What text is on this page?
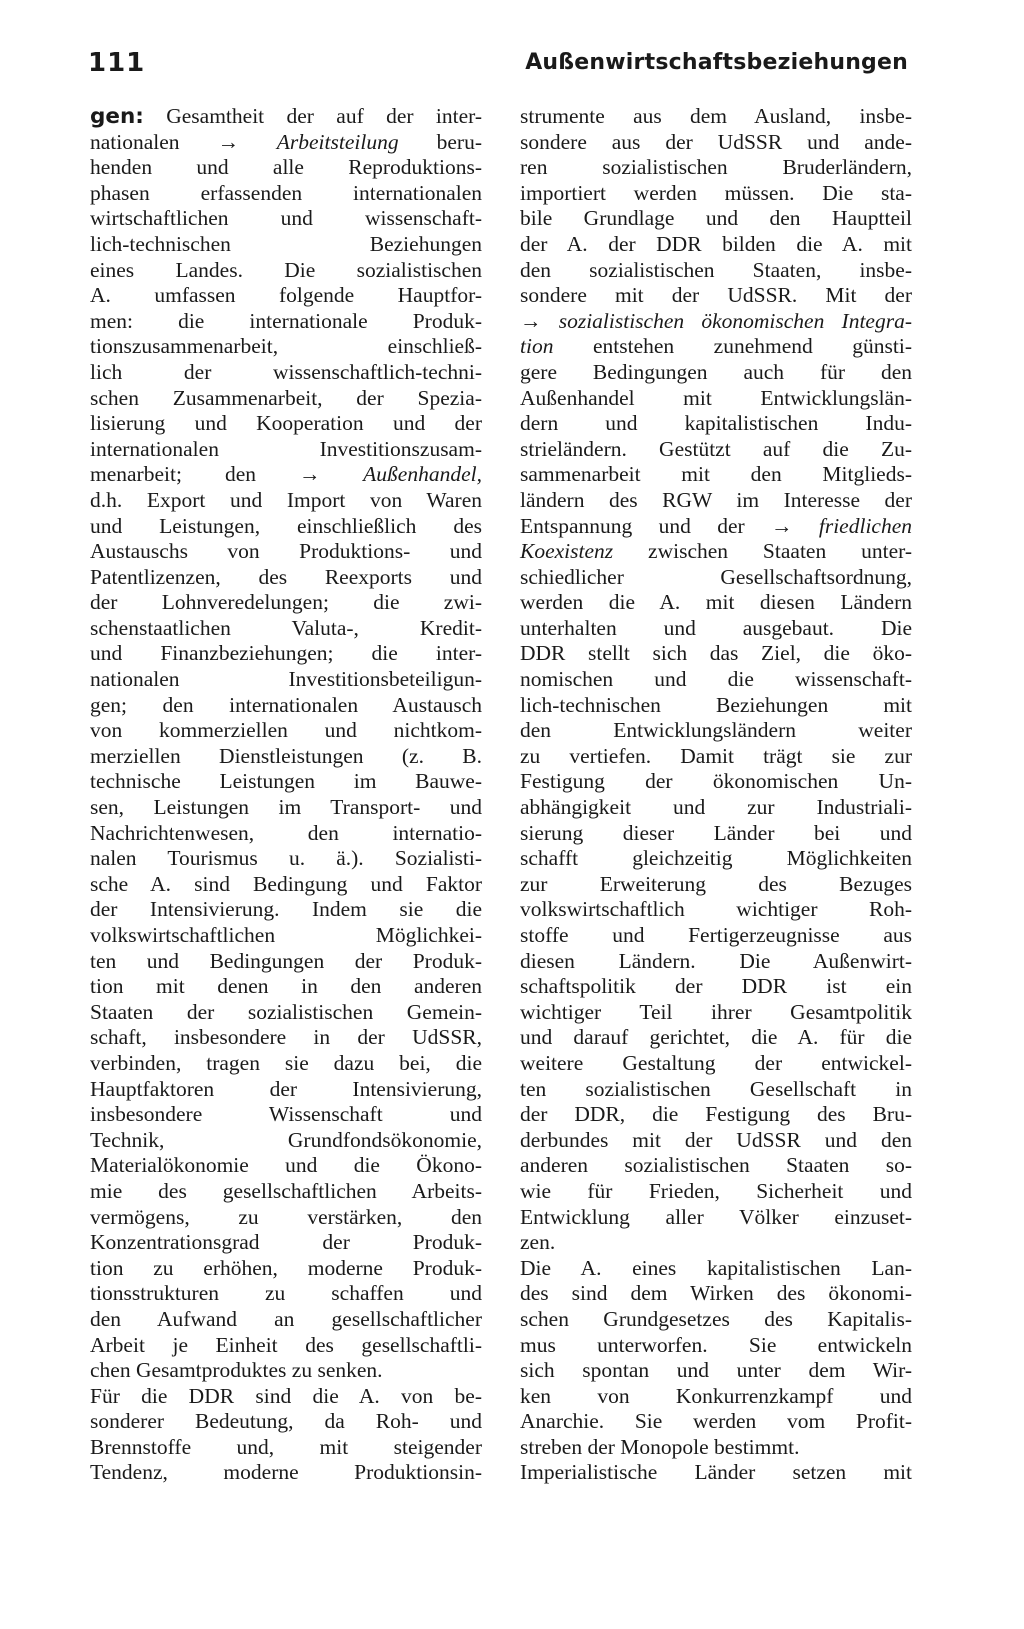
111	Außenwirtschaftsbeziehungen
gen: Gesamtheit der auf der inter-
nationalen → Arbeitsteilung beru-
henden und alle Reproduktions-
phasen erfassenden internationalen
wirtschaftlichen und wissenschaft-
lich-technischen Beziehungen
eines Landes. Die sozialistischen
A. umfassen folgende Hauptfor-
men: die internationale Produk-
tionszusammenarbeit, einschließ-
lich der wissenschaftlich-techni-
schen Zusammenarbeit, der Spezia-
lisierung und Kooperation und der
internationalen Investitionszusam-
menarbeit; den → Außenhandel,
d.h. Export und Import von Waren
und Leistungen, einschließlich des
Austauschs von Produktions- und
Patentlizenzen, des Reexports und
der Lohnveredelungen; die zwi-
schenstaatlichen Valuta-, Kredit-
und Finanzbeziehungen; die inter-
nationalen Investitionsbeteiligun-
gen; den internationalen Austausch
von kommerziellen und nichtkom-
merziellen Dienstleistungen (z. B.
technische Leistungen im Bauwe-
sen, Leistungen im Transport- und
Nachrichtenwesen, den internatio-
nalen Tourismus u. ä.). Sozialisti-
sche A. sind Bedingung und Faktor
der Intensivierung. Indem sie die
volkswirtschaftlichen Möglichkei-
ten und Bedingungen der Produk-
tion mit denen in den anderen
Staaten der sozialistischen Gemein-
schaft, insbesondere in der UdSSR,
verbinden, tragen sie dazu bei, die
Hauptfaktoren der Intensivierung,
insbesondere Wissenschaft und
Technik, Grundfondsökonomie,
Materialökonomie und die Ökono-
mie des gesellschaftlichen Arbeits-
vermögens, zu verstärken, den
Konzentrationsgrad der Produk-
tion zu erhöhen, moderne Produk-
tionsstrukturen zu schaffen und
den Aufwand an gesellschaftlicher
Arbeit je Einheit des gesellschaftli-
chen Gesamtproduktes zu senken.
Für die DDR sind die A. von be-
sonderer Bedeutung, da Roh- und
Brennstoffe und, mit steigender
Tendenz, moderne Produktionsin-
strumente aus dem Ausland, insbe-
sondere aus der UdSSR und ande-
ren sozialistischen Bruderländern,
importiert werden müssen. Die sta-
bile Grundlage und den Hauptteil
der A. der DDR bilden die A. mit
den sozialistischen Staaten, insbe-
sondere mit der UdSSR. Mit der
→ sozialistischen ökonomischen Integra-
tion entstehen zunehmend günsti-
gere Bedingungen auch für den
Außenhandel mit Entwicklungslän-
dern und kapitalistischen Indu-
strieländern. Gestützt auf die Zu-
sammenarbeit mit den Mitglieds-
ländern des RGW im Interesse der
Entspannung und der → friedlichen
Koexistenz zwischen Staaten unter-
schiedlicher Gesellschaftsordnung,
werden die A. mit diesen Ländern
unterhalten und ausgebaut. Die
DDR stellt sich das Ziel, die öko-
nomischen und die wissenschaft-
lich-technischen Beziehungen mit
den Entwicklungsländern weiter
zu vertiefen. Damit trägt sie zur
Festigung der ökonomischen Un-
abhängigkeit und zur Industriali-
sierung dieser Länder bei und
schafft gleichzeitig Möglichkeiten
zur Erweiterung des Bezuges
volkswirtschaftlich wichtiger Roh-
stoffe und Fertigerzeugnisse aus
diesen Ländern. Die Außenwirt-
schaftspolitik der DDR ist ein
wichtiger Teil ihrer Gesamtpolitik
und darauf gerichtet, die A. für die
weitere Gestaltung der entwickel-
ten sozialistischen Gesellschaft in
der DDR, die Festigung des Bru-
derbundes mit der UdSSR und den
anderen sozialistischen Staaten so-
wie für Frieden, Sicherheit und
Entwicklung aller Völker einzuset-
zen.
Die A. eines kapitalistischen Lan-
des sind dem Wirken des ökonomi-
schen Grundgesetzes des Kapitalis-
mus unterworfen. Sie entwickeln
sich spontan und unter dem Wir-
ken von Konkurrenzkampf und
Anarchie. Sie werden vom Profit-
streben der Monopole bestimmt.
Imperialistische Länder setzen mit
